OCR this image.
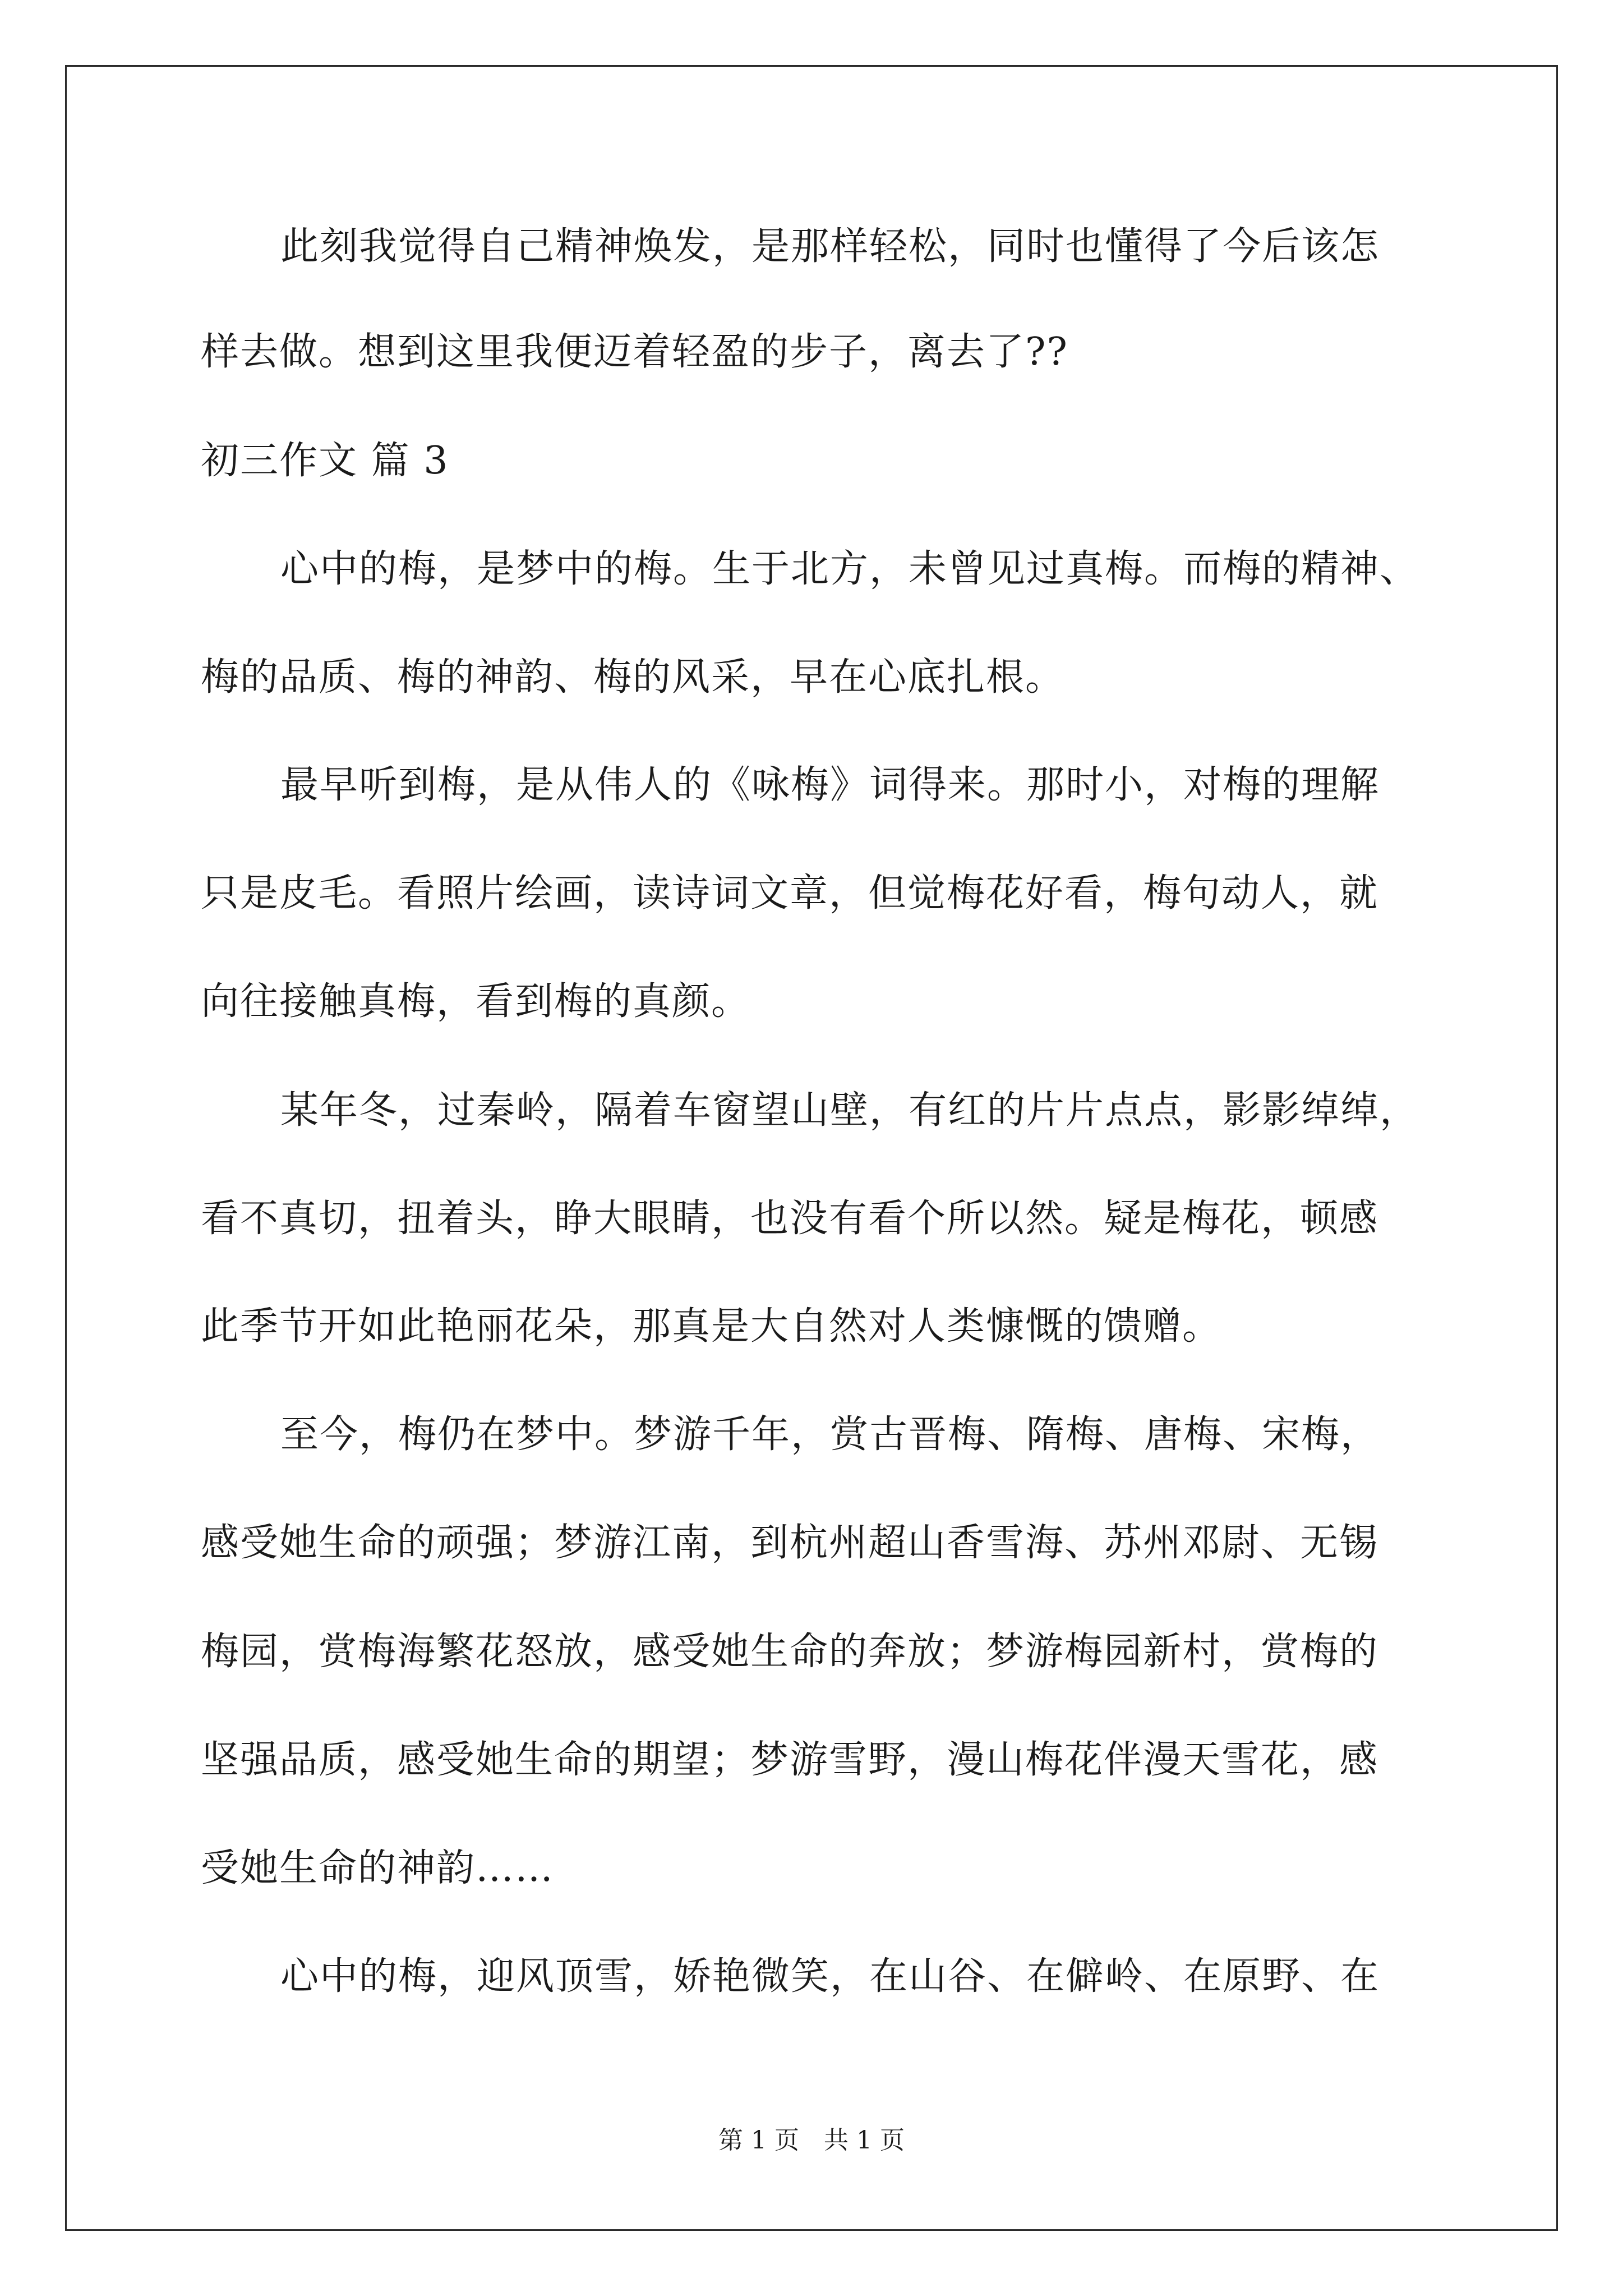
此刻我觉得自己精神焕发，是那样轻松，同时也懂得了今后该怎
样去做。想到这里我便迈着轻盈的步子，离去了??
初三作文 篇 3
心中的梅，是梦中的梅。生于北方，未曾见过真梅。而梅的精神、
梅的品质、梅的神韵、梅的风采，早在心底扎根。
最早听到梅，是从伟人的《咏梅》词得来。那时小，对梅的理解
只是皮毛。看照片绘画，读诗词文章，但觉梅花好看，梅句动人，就
向往接触真梅，看到梅的真颜。
某年冬，过秦岭，隔着车窗望山壁，有红的片片点点，影影绰绰，
看不真切，扭着头，睁大眼睛，也没有看个所以然。疑是梅花，顿感
此季节开如此艳丽花朵，那真是大自然对人类慷慨的馈赠。
至今，梅仍在梦中。梦游千年，赏古晋梅、隋梅、唐梅、宋梅，
感受她生命的顽强；梦游江南，到杭州超山香雪海、苏州邓尉、无锡
梅园，赏梅海繁花怒放，感受她生命的奔放；梦游梅园新村，赏梅的
坚强品质，感受她生命的期望；梦游雪野，漫山梅花伴漫天雪花，感
受她生命的神韵……
心中的梅，迎风顶雪，娇艳微笑，在山谷、在僻岭、在原野、在
第 1 页　共 1 页
